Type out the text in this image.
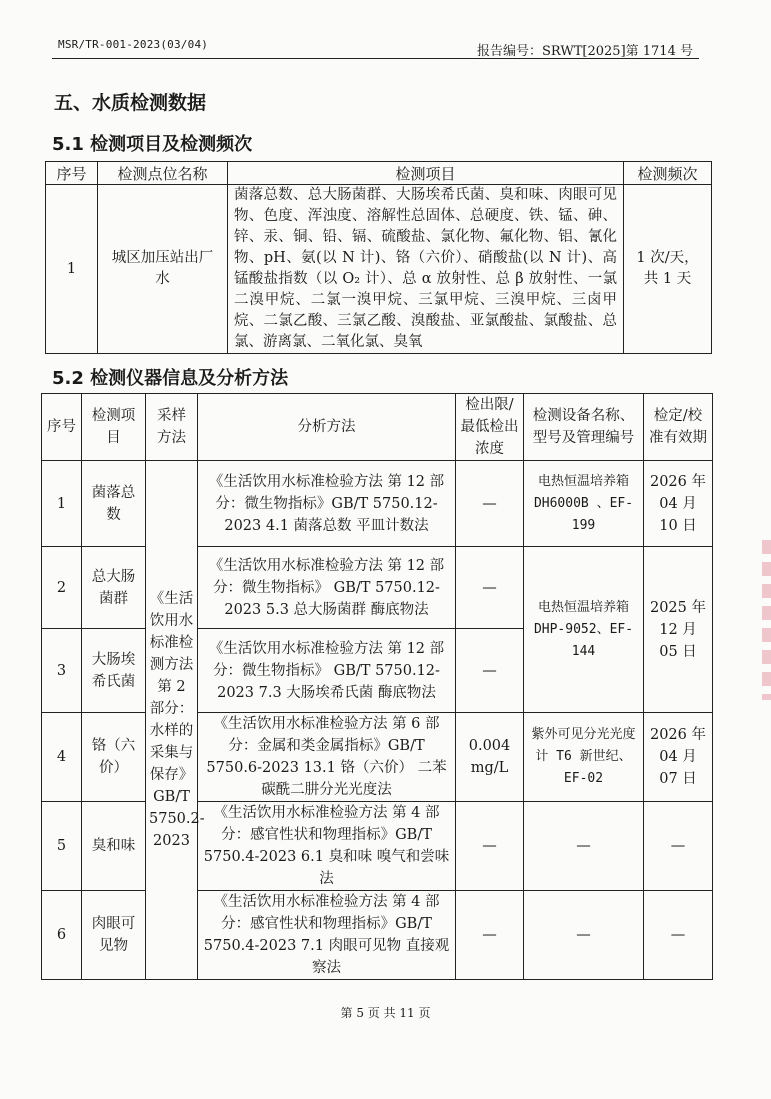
MSR/TR-001-2023(03/04)	报告编号：SRWT[2025]第 1714 号
五、水质检测数据
5.1 检测项目及检测频次
序号	检测点位名称	检测项目	检测频次
1	城区加压站出厂水	菌落总数、总大肠菌群、大肠埃希氏菌、臭和味、肉眼可见物、色度、浑浊度、溶解性总固体、总硬度、铁、锰、砷、锌、汞、铜、铅、镉、硫酸盐、氯化物、氟化物、铝、氰化物、pH、氨(以 N 计)、铬（六价）、硝酸盐(以 N 计)、高锰酸盐指数（以 O₂ 计）、总 α 放射性、总 β 放射性、一氯二溴甲烷、二氯一溴甲烷、三氯甲烷、三溴甲烷、三卤甲烷、二氯乙酸、三氯乙酸、溴酸盐、亚氯酸盐、氯酸盐、总氯、游离氯、二氧化氯、臭氧	1 次/天，共 1 天
5.2 检测仪器信息及分析方法
序号	检测项目	采样方法	分析方法	检出限/最低检出浓度	检测设备名称、型号及管理编号	检定/校准有效期
1	菌落总数	《生活饮用水标准检测方法 第 2 部分：水样的采集与保存》GB/T 5750.2-2023	《生活饮用水标准检验方法 第 12 部分：微生物指标》GB/T 5750.12-2023 4.1 菌落总数 平皿计数法	—	电热恒温培养箱 DH6000B 、EF-199	2026 年 04 月 10 日
2	总大肠菌群		《生活饮用水标准检验方法 第 12 部分：微生物指标》 GB/T 5750.12-2023 5.3 总大肠菌群 酶底物法	—	电热恒温培养箱 DHP-9052、EF-144	2025 年 12 月 05 日
3	大肠埃希氏菌		《生活饮用水标准检验方法 第 12 部分：微生物指标》 GB/T 5750.12-2023 7.3 大肠埃希氏菌 酶底物法	—		
4	铬（六价）		《生活饮用水标准检验方法 第 6 部分：金属和类金属指标》GB/T 5750.6-2023 13.1 铬（六价） 二苯碳酰二肼分光光度法	0.004 mg/L	紫外可见分光光度计 T6 新世纪、EF-02	2026 年 04 月 07 日
5	臭和味		《生活饮用水标准检验方法 第 4 部分：感官性状和物理指标》GB/T 5750.4-2023 6.1 臭和味 嗅气和尝味法	—	—	—
6	肉眼可见物		《生活饮用水标准检验方法 第 4 部分：感官性状和物理指标》GB/T 5750.4-2023 7.1 肉眼可见物 直接观察法	—	—	—
第 5 页 共 11 页
